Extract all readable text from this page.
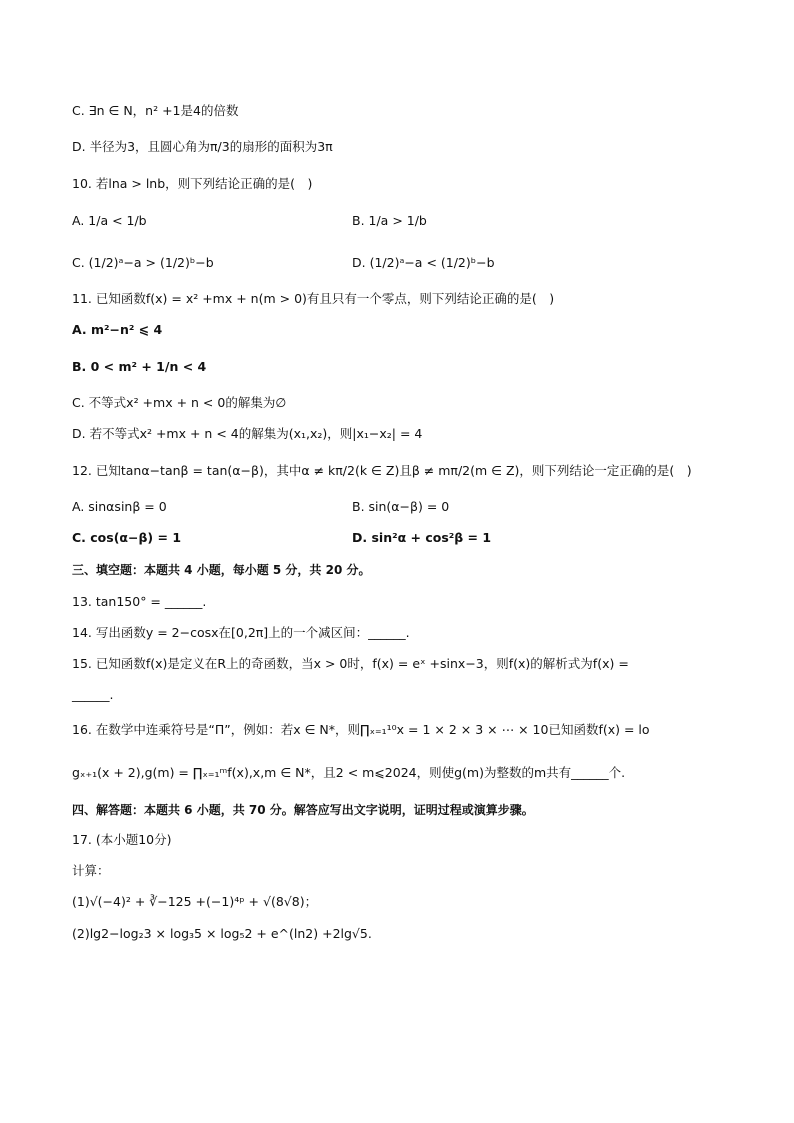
C. ∃n ∈ N，n² +1是4的倍数
D. 半径为3，且圆心角为π/3的扇形的面积为3π
10. 若lna > lnb，则下列结论正确的是(　)
A. 1/a < 1/b	B. 1/a > 1/b
C. (1/2)ᵃ−a > (1/2)ᵇ−b	D. (1/2)ᵃ−a < (1/2)ᵇ−b
11. 已知函数f(x) = x² +mx + n(m > 0)有且只有一个零点，则下列结论正确的是(　)
A. m²−n² ⩽ 4
B. 0 < m² + 1/n < 4
C. 不等式x² +mx + n < 0的解集为∅
D. 若不等式x² +mx + n < 4的解集为(x₁,x₂)，则|x₁−x₂| = 4
12. 已知tanα−tanβ = tan(α−β)，其中α ≠ kπ/2(k ∈ Z)且β ≠ mπ/2(m ∈ Z)，则下列结论一定正确的是(　)
A. sinαsinβ = 0	B. sin(α−β) = 0
C. cos(α−β) = 1	D. sin²α + cos²β = 1
三、填空题：本题共 4 小题，每小题 5 分，共 20 分。
13. tan150° = ______.
14. 写出函数y = 2−cosx在[0,2π]上的一个减区间：______.
15. 已知函数f(x)是定义在R上的奇函数，当x > 0时，f(x) = eˣ +sinx−3，则f(x)的解析式为f(x) =
______.
16. 在数学中连乘符号是“Π”，例如：若x ∈ N*，则∏ₓ₌₁¹⁰x = 1 × 2 × 3 × ⋯ × 10已知函数f(x) = lo
gₓ₊₁(x + 2),g(m) = ∏ₓ₌₁ᵐf(x),x,m ∈ N*，且2 < m⩽2024，则使g(m)为整数的m共有______个.
四、解答题：本题共 6 小题，共 70 分。解答应写出文字说明，证明过程或演算步骤。
17. (本小题10分)
计算：
(1)√(−4)² + ∛−125 +(−1)⁴ᵖ + √(8√8)；
(2)lg2−log₂3 × log₃5 × log₅2 + e^(ln2) +2lg√5.
